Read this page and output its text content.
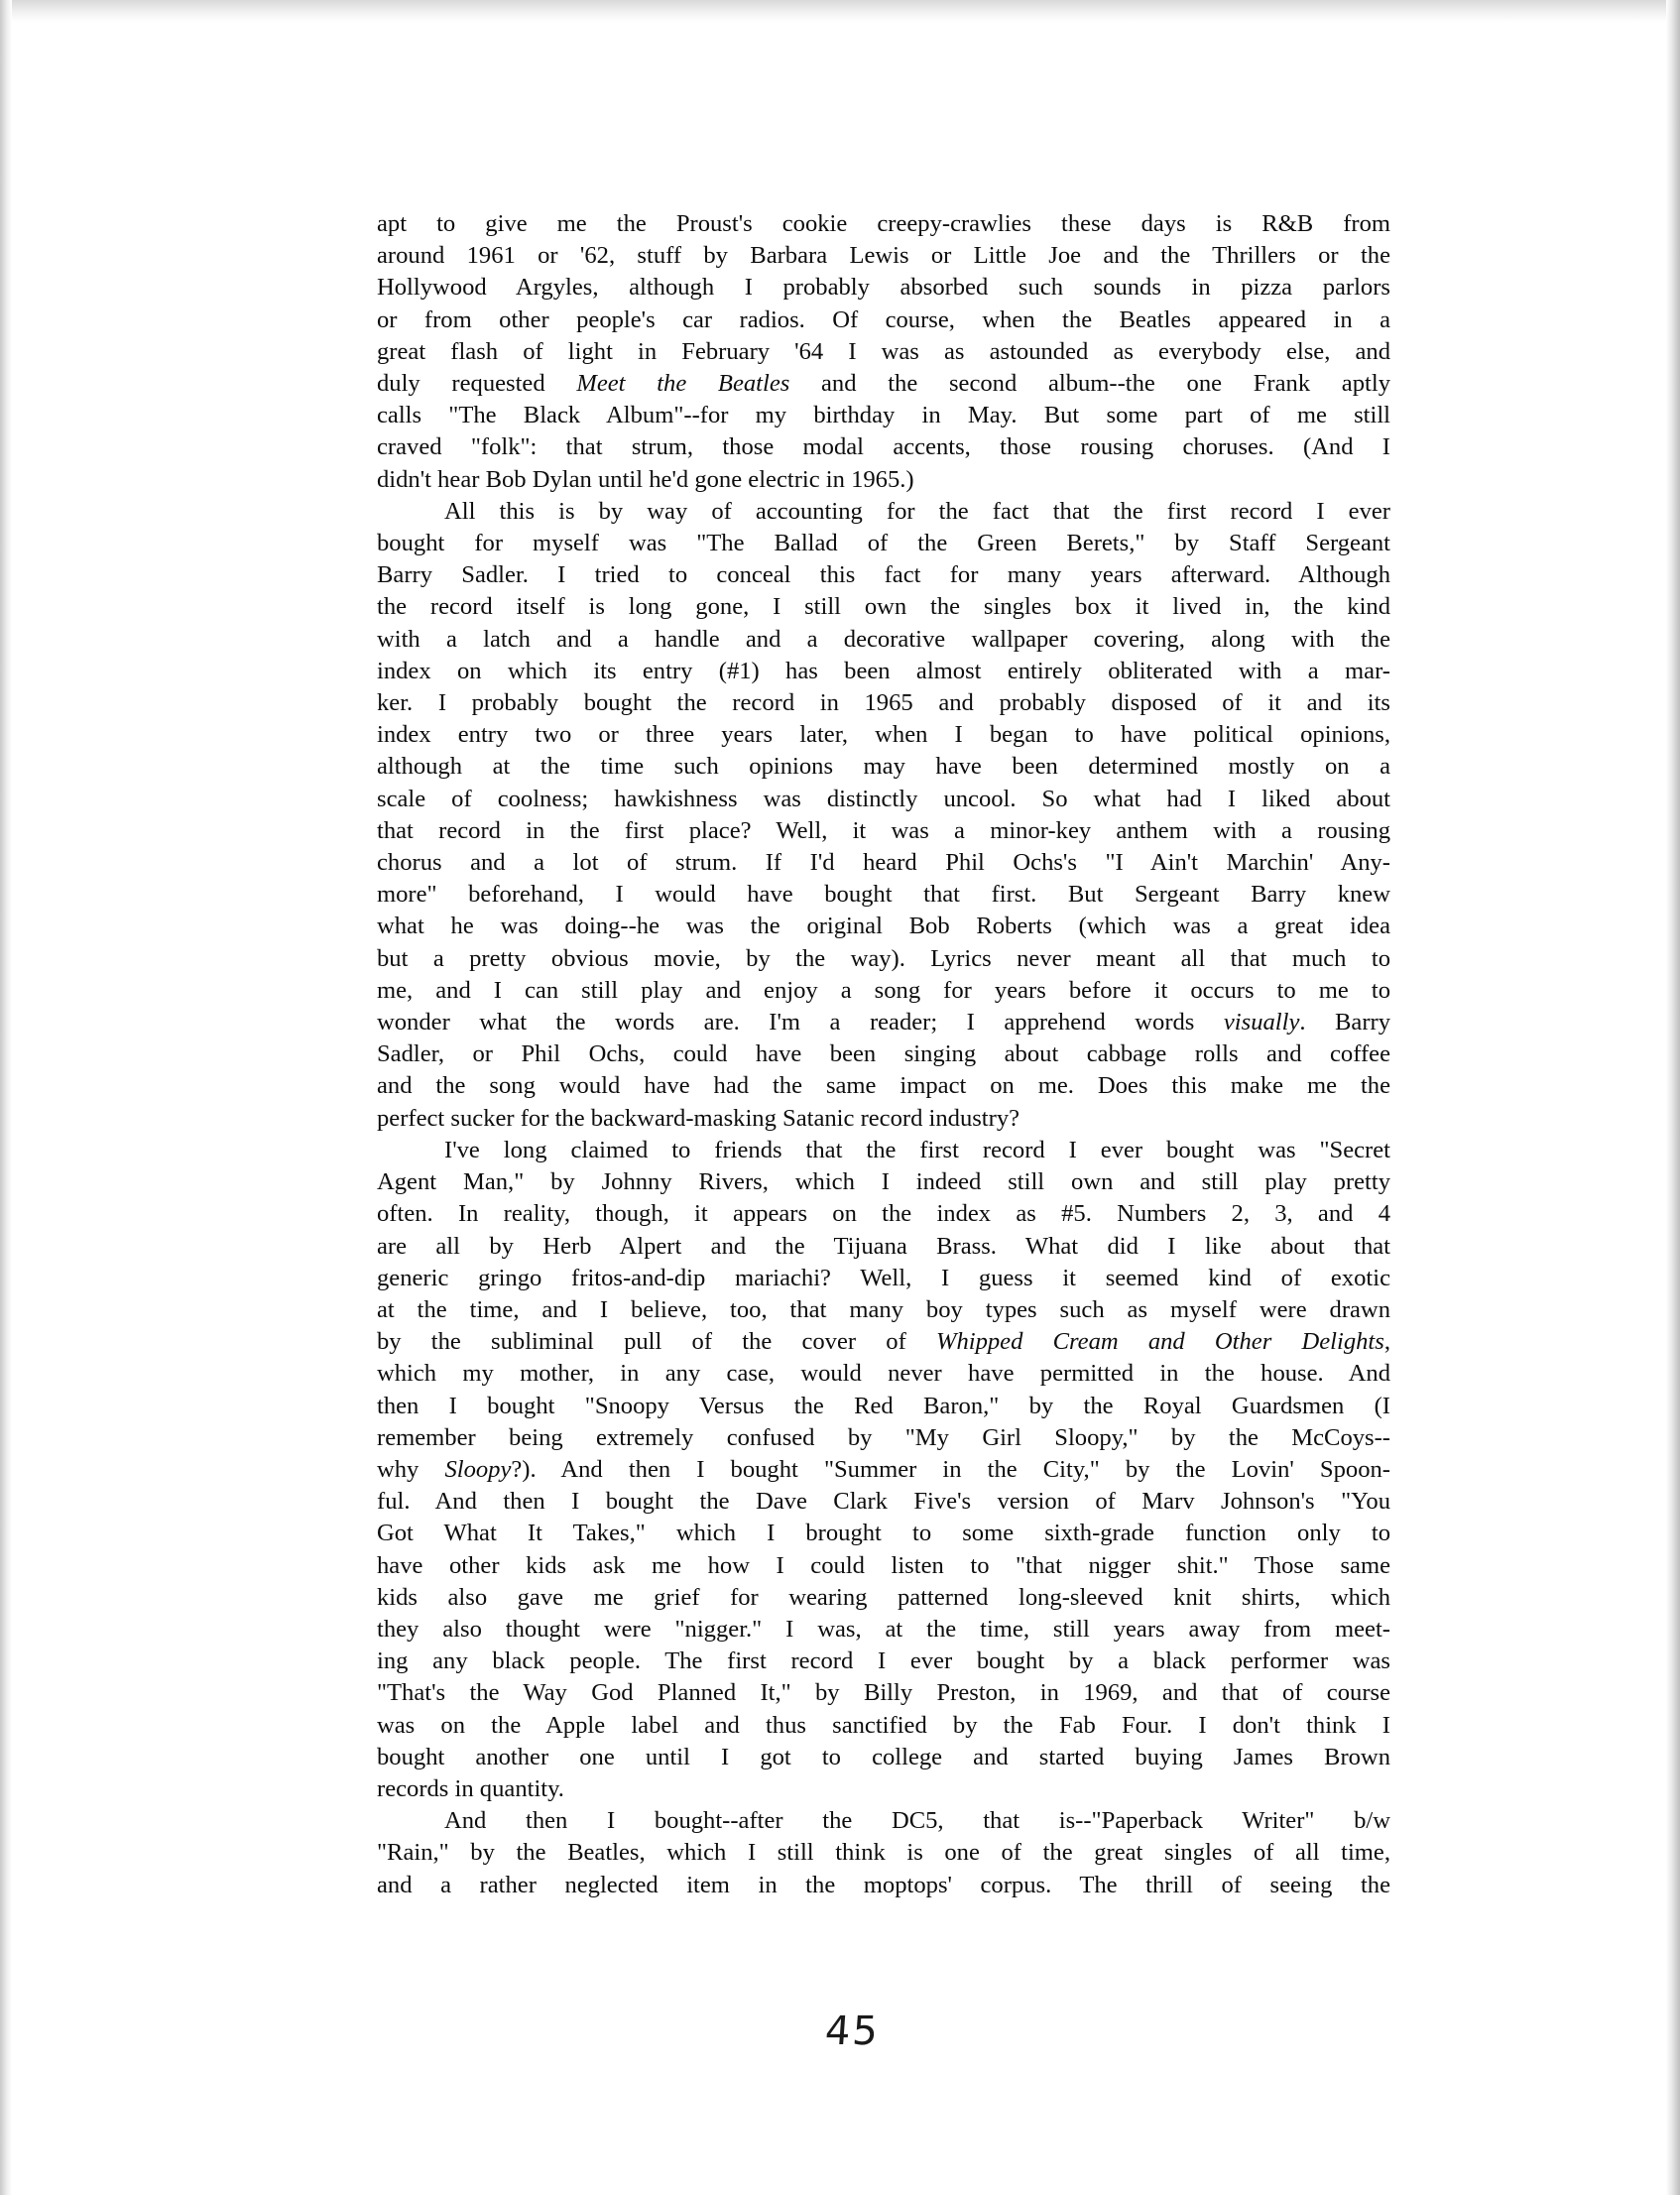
apt to give me the Proust's cookie creepy-crawlies these days is R&B from
around 1961 or '62, stuff by Barbara Lewis or Little Joe and the Thrillers or the
Hollywood Argyles, although I probably absorbed such sounds in pizza parlors
or from other people's car radios. Of course, when the Beatles appeared in a
great flash of light in February '64 I was as astounded as everybody else, and
duly requested Meet the Beatles and the second album--the one Frank aptly
calls "The Black Album"--for my birthday in May. But some part of me still
craved "folk": that strum, those modal accents, those rousing choruses. (And I
didn't hear Bob Dylan until he'd gone electric in 1965.)
All this is by way of accounting for the fact that the first record I ever
bought for myself was "The Ballad of the Green Berets," by Staff Sergeant
Barry Sadler. I tried to conceal this fact for many years afterward. Although
the record itself is long gone, I still own the singles box it lived in, the kind
with a latch and a handle and a decorative wallpaper covering, along with the
index on which its entry (#1) has been almost entirely obliterated with a mar-
ker. I probably bought the record in 1965 and probably disposed of it and its
index entry two or three years later, when I began to have political opinions,
although at the time such opinions may have been determined mostly on a
scale of coolness; hawkishness was distinctly uncool. So what had I liked about
that record in the first place? Well, it was a minor-key anthem with a rousing
chorus and a lot of strum. If I'd heard Phil Ochs's "I Ain't Marchin' Any-
more" beforehand, I would have bought that first. But Sergeant Barry knew
what he was doing--he was the original Bob Roberts (which was a great idea
but a pretty obvious movie, by the way). Lyrics never meant all that much to
me, and I can still play and enjoy a song for years before it occurs to me to
wonder what the words are. I'm a reader; I apprehend words visually. Barry
Sadler, or Phil Ochs, could have been singing about cabbage rolls and coffee
and the song would have had the same impact on me. Does this make me the
perfect sucker for the backward-masking Satanic record industry?
I've long claimed to friends that the first record I ever bought was "Secret
Agent Man," by Johnny Rivers, which I indeed still own and still play pretty
often. In reality, though, it appears on the index as #5. Numbers 2, 3, and 4
are all by Herb Alpert and the Tijuana Brass. What did I like about that
generic gringo fritos-and-dip mariachi? Well, I guess it seemed kind of exotic
at the time, and I believe, too, that many boy types such as myself were drawn
by the subliminal pull of the cover of Whipped Cream and Other Delights,
which my mother, in any case, would never have permitted in the house. And
then I bought "Snoopy Versus the Red Baron," by the Royal Guardsmen (I
remember being extremely confused by "My Girl Sloopy," by the McCoys--
why Sloopy?). And then I bought "Summer in the City," by the Lovin' Spoon-
ful. And then I bought the Dave Clark Five's version of Marv Johnson's "You
Got What It Takes," which I brought to some sixth-grade function only to
have other kids ask me how I could listen to "that nigger shit." Those same
kids also gave me grief for wearing patterned long-sleeved knit shirts, which
they also thought were "nigger." I was, at the time, still years away from meet-
ing any black people. The first record I ever bought by a black performer was
"That's the Way God Planned It," by Billy Preston, in 1969, and that of course
was on the Apple label and thus sanctified by the Fab Four. I don't think I
bought another one until I got to college and started buying James Brown
records in quantity.
And then I bought--after the DC5, that is--"Paperback Writer" b/w
"Rain," by the Beatles, which I still think is one of the great singles of all time,
and a rather neglected item in the moptops' corpus. The thrill of seeing the
45
